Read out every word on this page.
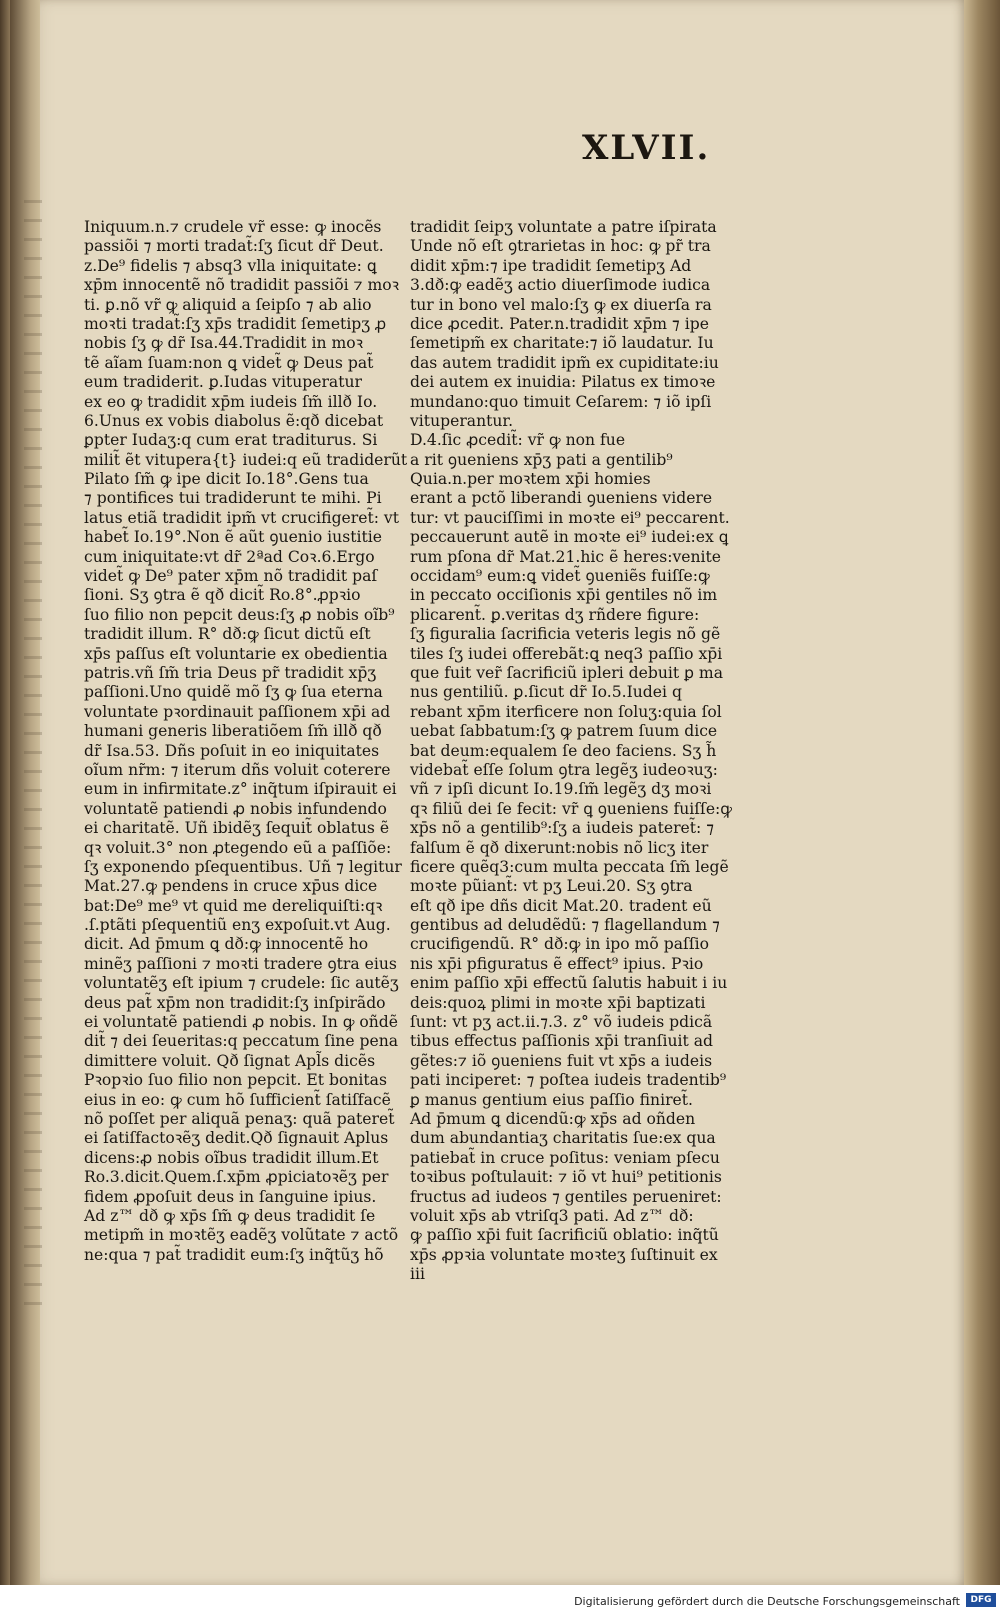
XLVII.
Iniquum.n.⁊ crudele vr̃ esse: ꝙ inocẽs
passiõi ⁊ morti tradat̃:ſʒ ſicut dr̃ Deut.
z.De⁹ fidelis ⁊ absq3 vlla iniquitate: ꝗ
xp̄m innocentẽ nõ tradidit passiõi ⁊ moꝛ
ti. ꝑ.nõ vr̃ ꝙ aliquid a ſeipſo ⁊ ab alio
moꝛti tradat̃:ſʒ xp̄s tradidit ſemetipʒ ꝓ
nobis ſʒ ꝙ dr̃ Isa.44.Tradidit in moꝛ
tẽ aĩam ſuam:non ꝗ videt̃ ꝙ Deus pat̃
eum tradiderit. ꝑ.Iudas vituperatur
ex eo ꝙ tradidit xp̄m iudeis ſm̃ illð Io.
6.Unus ex vobis diabolus ẽ:qð dicebat
ꝑpter Iudaʒ:q cum erat traditurus. Si
milit̃ ẽt vitupera{t} iudei:q eũ tradiderũt
Pilato ſm̃ ꝙ ipe dicit Io.18°.Gens tua
⁊ pontifices tui tradiderunt te mihi. Pi
latus etiã tradidit ipm̃ vt crucifigeret̃: vt
habet̃ Io.19°.Non ẽ aũt ꝯuenio iustitie
cum iniquitate:vt dr̃ 2ªad Coꝛ.6.Ergo
videt̃ ꝙ De⁹ pater xp̄m nõ tradidit paſ
ſioni. Sʒ ꝯtra ẽ qð dicit̃ Ro.8°.ꝓpꝛio
ſuo filio non pepcit deus:ſʒ ꝓ nobis oĩb⁹
tradidit illum. R° dð:ꝙ ſicut dictũ eſt
xp̄s paſſus eſt voluntarie ex obedientia
patris.vñ ſm̃ tria Deus pr̃ tradidit xp̄ʒ
paſſioni.Uno quidẽ mõ ſʒ ꝙ ſua eterna
voluntate pꝛordinauit paſſionem xp̄i ad
humani generis liberatiõem ſm̃ illð qð
dr̃ Isa.53. Dñs poſuit in eo iniquitates
oĩum nr̃m: ⁊ iterum dñs voluit coterere
eum in infirmitate.z° inq̃tum iſpirauit ei
voluntatẽ patiendi ꝓ nobis infundendo
ei charitatẽ. Uñ ibidẽʒ ſequit̃ oblatus ẽ
qꝛ voluit.3° non ꝓtegendo eũ a paſſiõe:
ſʒ exponendo pſequentibus. Uñ ⁊ legitur
Mat.27.ꝙ pendens in cruce xp̄us dice
bat:De⁹ me⁹ vt quid me dereliquiſti:qꝛ
.ſ.ptãti pſequentiũ enʒ expoſuit.vt Aug.
dicit. Ad p̄mum ꝗ dð:ꝙ innocentẽ ho
minẽʒ paſſioni ⁊ moꝛti tradere ꝯtra eius
voluntatẽʒ eſt ipium ⁊ crudele: ſic autẽʒ
deus pat̃ xp̄m non tradidit:ſʒ inſpirãdo
ei voluntatẽ patiendi ꝓ nobis. In ꝙ oñdẽ
dit̃ ⁊ dei ſeueritas:q peccatum ſine pena
dimittere voluit. Qð ſignat Apl̃s dicẽs
Pꝛopꝛio ſuo filio non pepcit. Et bonitas
eius in eo: ꝙ cum hõ ſufficient̃ ſatiſfacẽ
nõ poſſet per aliquã penaʒ: quã pateret̃
ei ſatiſfactoꝛẽʒ dedit.Qð ſignauit Aplus
dicens:ꝓ nobis oĩbus tradidit illum.Et
Ro.3.dicit.Quem.ſ.xp̄m ꝓpiciatoꝛẽʒ per
fidem ꝓpoſuit deus in ſanguine ipius.
Ad z™ dð ꝙ xp̄s ſm̃ ꝙ deus tradidit ſe
metipm̃ in moꝛtẽʒ eadẽʒ volũtate ⁊ actõ
ne:qua ⁊ pat̃ tradidit eum:ſʒ inq̃tũʒ hõ
tradidit ſeipʒ voluntate a patre iſpirata
Unde nõ eſt ꝯtrarietas in hoc: ꝙ pr̃ tra
didit xp̄m:⁊ ipe tradidit ſemetipʒ Ad
3.dð:ꝙ eadẽʒ actio diuerſimode iudica
tur in bono vel malo:ſʒ ꝙ ex diuerſa ra
dice ꝓcedit. Pater.n.tradidit xp̄m ⁊ ipe
ſemetipm̃ ex charitate:⁊ iõ laudatur. Iu
das autem tradidit ipm̃ ex cupiditate:iu
dei autem ex inuidia: Pilatus ex timoꝛe
mundano:quo timuit Ceſarem: ⁊ iõ ipſi
vituperantur.
D.4.ſic ꝓcedit̃: vr̃ ꝙ non fue
a rit ꝯueniens xp̄ʒ pati a gentilib⁹
Quia.n.per moꝛtem xp̄i homies
erant a pctõ liberandi ꝯueniens videre
tur: vt pauciſſimi in moꝛte ei⁹ peccarent.
peccauerunt autẽ in moꝛte ei⁹ iudei:ex ꝗ
rum pſona dr̃ Mat.21.hic ẽ heres:venite
occidam⁹ eum:ꝗ videt̃ ꝯueniẽs fuiſſe:ꝙ
in peccato occiſionis xp̄i gentiles nõ im
plicarent̃. ꝑ.veritas dʒ rñdere figure:
ſʒ figuralia ſacrificia veteris legis nõ gẽ
tiles ſʒ iudei offerebãt:ꝗ neq3 paſſio xp̄i
que fuit ver̃ ſacrificiũ ipleri debuit ꝑ ma
nus gentiliũ. ꝑ.ſicut dr̃ Io.5.Iudei q
rebant xp̄m iterficere non ſoluʒ:quia ſol
uebat ſabbatum:ſʒ ꝙ patrem ſuum dice
bat deum:equalem ſe deo faciens. Sʒ h̃
videbat̃ eſſe ſolum ꝯtra legẽʒ iudeoꝛuʒ:
vñ ⁊ ipſi dicunt Io.19.ſm̃ legẽʒ dʒ moꝛi
qꝛ filiũ dei ſe fecit: vr̃ ꝗ ꝯueniens fuiſſe:ꝙ
xp̄s nõ a gentilib⁹:ſʒ a iudeis pateret̃: ⁊
falſum ẽ qð dixerunt:nobis nõ licʒ iter
ficere quẽq3:cum multa peccata ſm̃ legẽ
moꝛte pũiant̃: vt pʒ Leui.20. Sʒ ꝯtra
eſt qð ipe dñs dicit Mat.20. tradent eũ
gentibus ad deludẽdũ: ⁊ flagellandum ⁊
crucifigendũ. R° dð:ꝙ in ipo mõ paſſio
nis xp̄i pfiguratus ẽ effect⁹ ipius. Pꝛio
enim paſſio xp̄i effectũ ſalutis habuit i iu
deis:quoꝝ plimi in moꝛte xp̄i baptizati
ſunt: vt pʒ act.ii.⁊.3. z° võ iudeis pdicã
tibus effectus paſſionis xp̄i tranſiuit ad
gẽtes:⁊ iõ ꝯueniens fuit vt xp̄s a iudeis
pati inciperet: ⁊ poſtea iudeis tradentib⁹
ꝑ manus gentium eius paſſio finiret̃.
Ad p̄mum ꝗ dicendũ:ꝙ xp̄s ad oñden
dum abundantiaʒ charitatis ſue:ex qua
patiebat̃ in cruce poſitus: veniam pſecu
toꝛibus poſtulauit: ⁊ iõ vt hui⁹ petitionis
fructus ad iudeos ⁊ gentiles perueniret:
voluit xp̄s ab vtriſq3 pati. Ad z™ dð:
ꝙ paſſio xp̄i fuit ſacrificiũ oblatio: inq̃tũ
xp̄s ꝓpꝛia voluntate moꝛteʒ ſuſtinuit ex
iii
Digitalisierung gefördert durch die Deutsche Forschungsgemeinschaft	DFG
